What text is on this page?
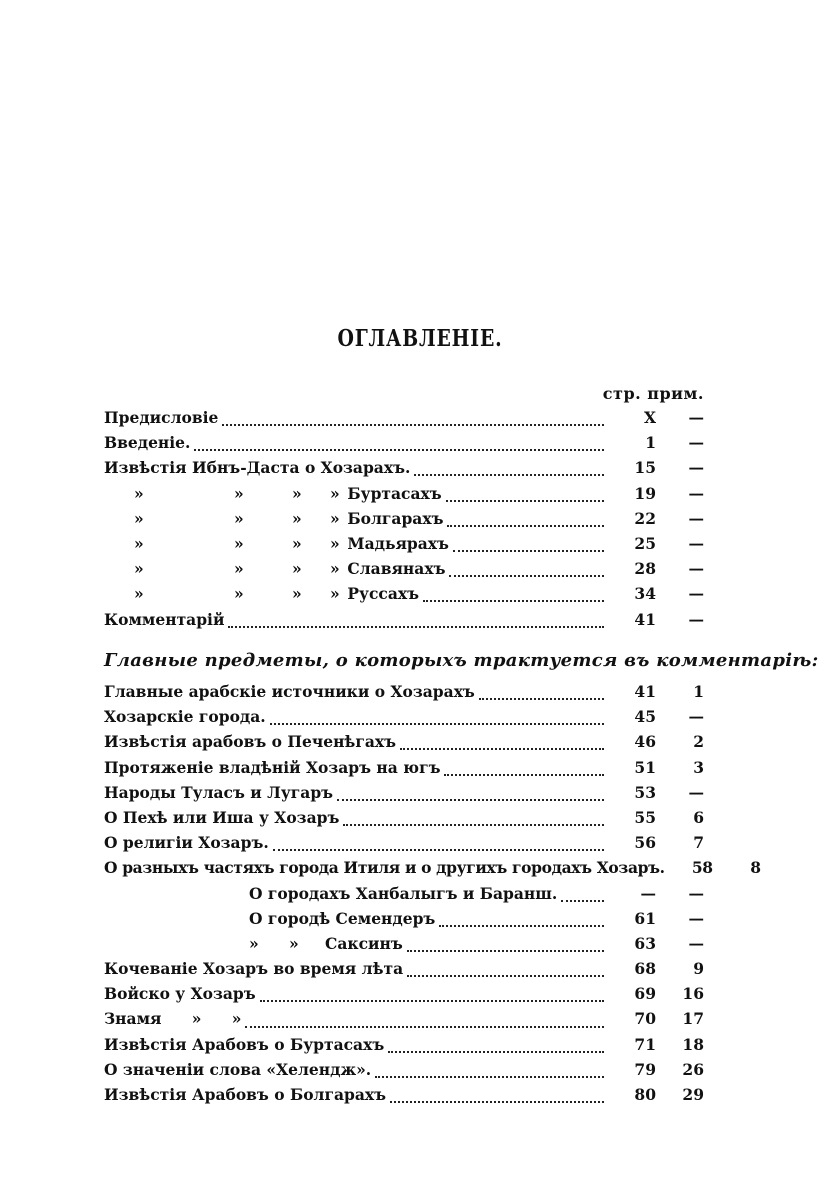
ОГЛАВЛЕНІЕ.
стр. прим.
Предисловіе	X	—
Введеніе.	1	—
Извѣстія Ибнъ-Даста о Хозарахъ.	15	—
»	»	» » Буртасахъ	19	—
»	»	» » Болгарахъ	22	—
»	»	» » Мадьярахъ	25	—
»	»	» » Славянахъ	28	—
»	»	» » Руссахъ	34	—
Комментарій	41	—
Главные предметы, о которыхъ трактуется въ комментаріѣ:
Главные арабскіе источники о Хозарахъ	41	1
Хозарскіе города.	45	—
Извѣстія арабовъ о Печенѣгахъ	46	2
Протяженіе владѣній Хозаръ на югъ	51	3
Народы Туласъ и Лугаръ	53	—
О Пехѣ или Иша у Хозаръ	55	6
О религіи Хозаръ.	56	7
О разныхъ частяхъ города Итиля и о другихъ городахъ Хозаръ.	58	8
О городахъ Ханбалыгъ и Баранш.	—	—
О городѣ Семендеръ	61	—
» » Саксинъ	63	—
Кочеваніе Хозаръ во время лѣта	68	9
Войско у Хозаръ	69	16
Знамя » »	70	17
Извѣстія Арабовъ о Буртасахъ	71	18
О значеніи слова «Хелендж».	79	26
Извѣстія Арабовъ о Болгарахъ	80	29
